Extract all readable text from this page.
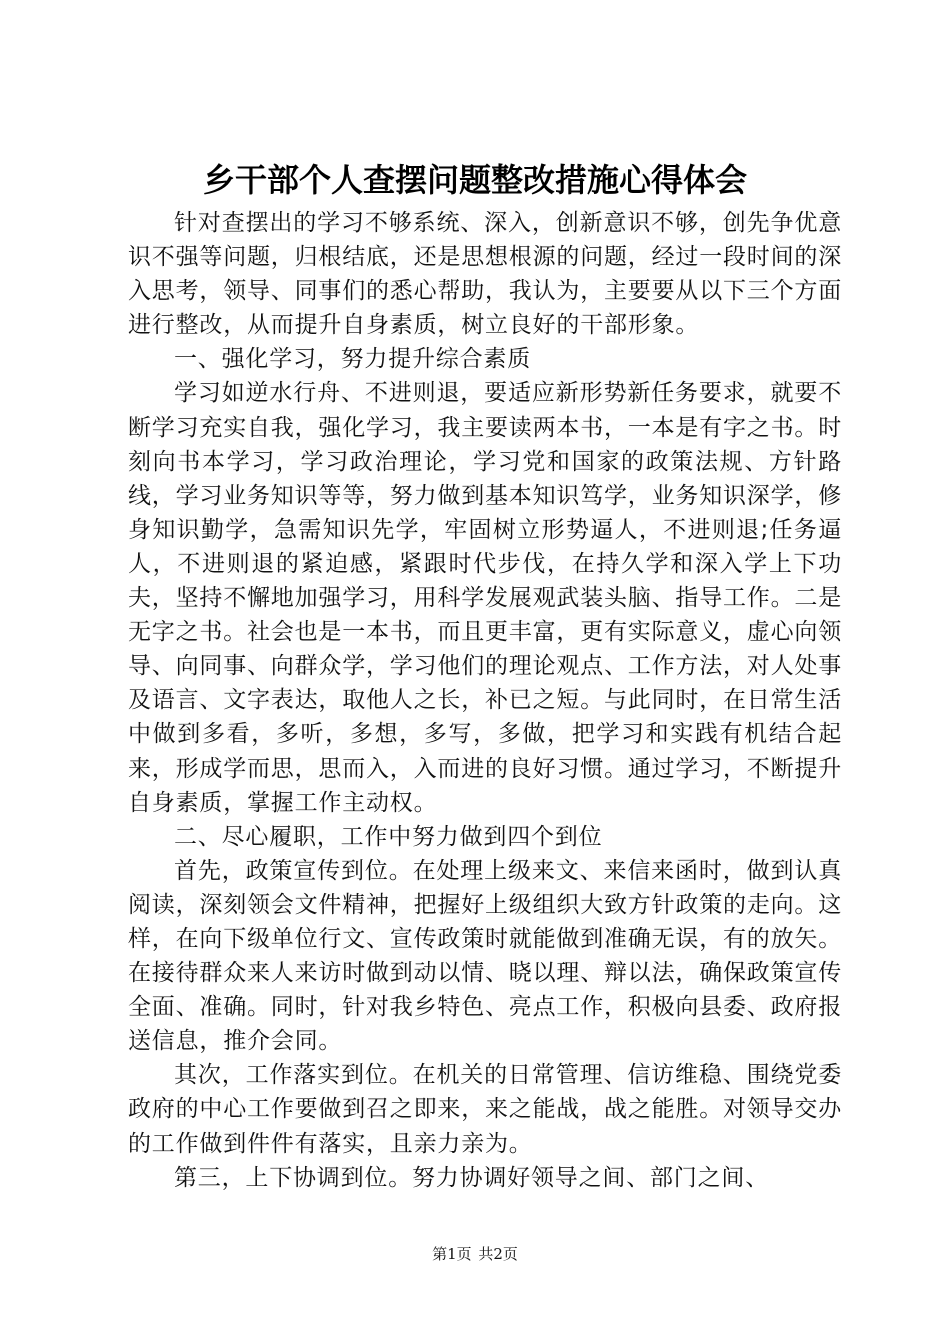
乡干部个人查摆问题整改措施心得体会

针对查摆出的学习不够系统、深入，创新意识不够，创先争优意识不强等问题，归根结底，还是思想根源的问题，经过一段时间的深入思考，领导、同事们的悉心帮助，我认为，主要要从以下三个方面进行整改，从而提升自身素质，树立良好的干部形象。

一、强化学习，努力提升综合素质

学习如逆水行舟、不进则退，要适应新形势新任务要求，就要不断学习充实自我，强化学习，我主要读两本书，一本是有字之书。时刻向书本学习，学习政治理论，学习党和国家的政策法规、方针路线，学习业务知识等等，努力做到基本知识笃学，业务知识深学，修身知识勤学，急需知识先学，牢固树立形势逼人，不进则退;任务逼人，不进则退的紧迫感，紧跟时代步伐，在持久学和深入学上下功夫，坚持不懈地加强学习，用科学发展观武装头脑、指导工作。二是无字之书。社会也是一本书，而且更丰富，更有实际意义，虚心向领导、向同事、向群众学，学习他们的理论观点、工作方法，对人处事及语言、文字表达，取他人之长，补已之短。与此同时，在日常生活中做到多看，多听，多想，多写，多做，把学习和实践有机结合起来，形成学而思，思而入，入而进的良好习惯。通过学习，不断提升自身素质，掌握工作主动权。

二、尽心履职，工作中努力做到四个到位

首先，政策宣传到位。在处理上级来文、来信来函时，做到认真阅读，深刻领会文件精神，把握好上级组织大致方针政策的走向。这样，在向下级单位行文、宣传政策时就能做到准确无误，有的放矢。在接待群众来人来访时做到动以情、晓以理、辩以法，确保政策宣传全面、准确。同时，针对我乡特色、亮点工作，积极向县委、政府报送信息，推介会同。

其次，工作落实到位。在机关的日常管理、信访维稳、围绕党委政府的中心工作要做到召之即来，来之能战，战之能胜。对领导交办的工作做到件件有落实，且亲力亲为。

第三，上下协调到位。努力协调好领导之间、部门之间、

第1页 共2页
